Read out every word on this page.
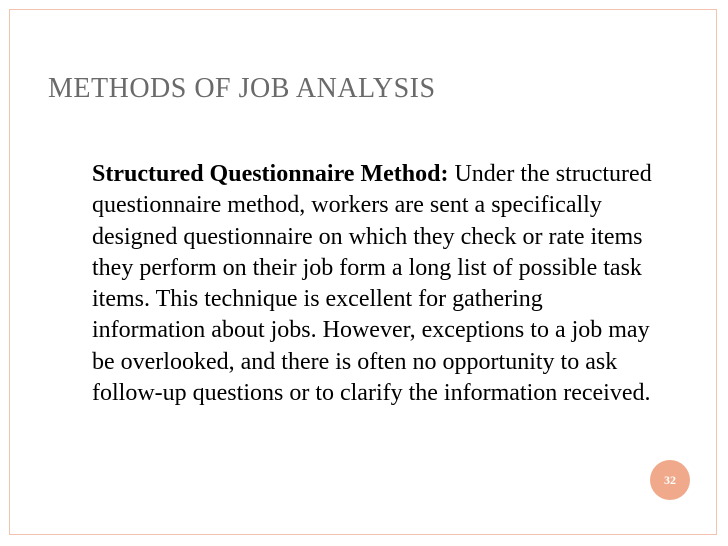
METHODS OF JOB ANALYSIS
Structured Questionnaire Method: Under the structured questionnaire method, workers are sent a specifically designed questionnaire on which they check or rate items they perform on their job form a long list of possible task items. This technique is excellent for gathering information about jobs. However, exceptions to a job may be overlooked, and there is often no opportunity to ask follow-up questions or to clarify the information received.
32
